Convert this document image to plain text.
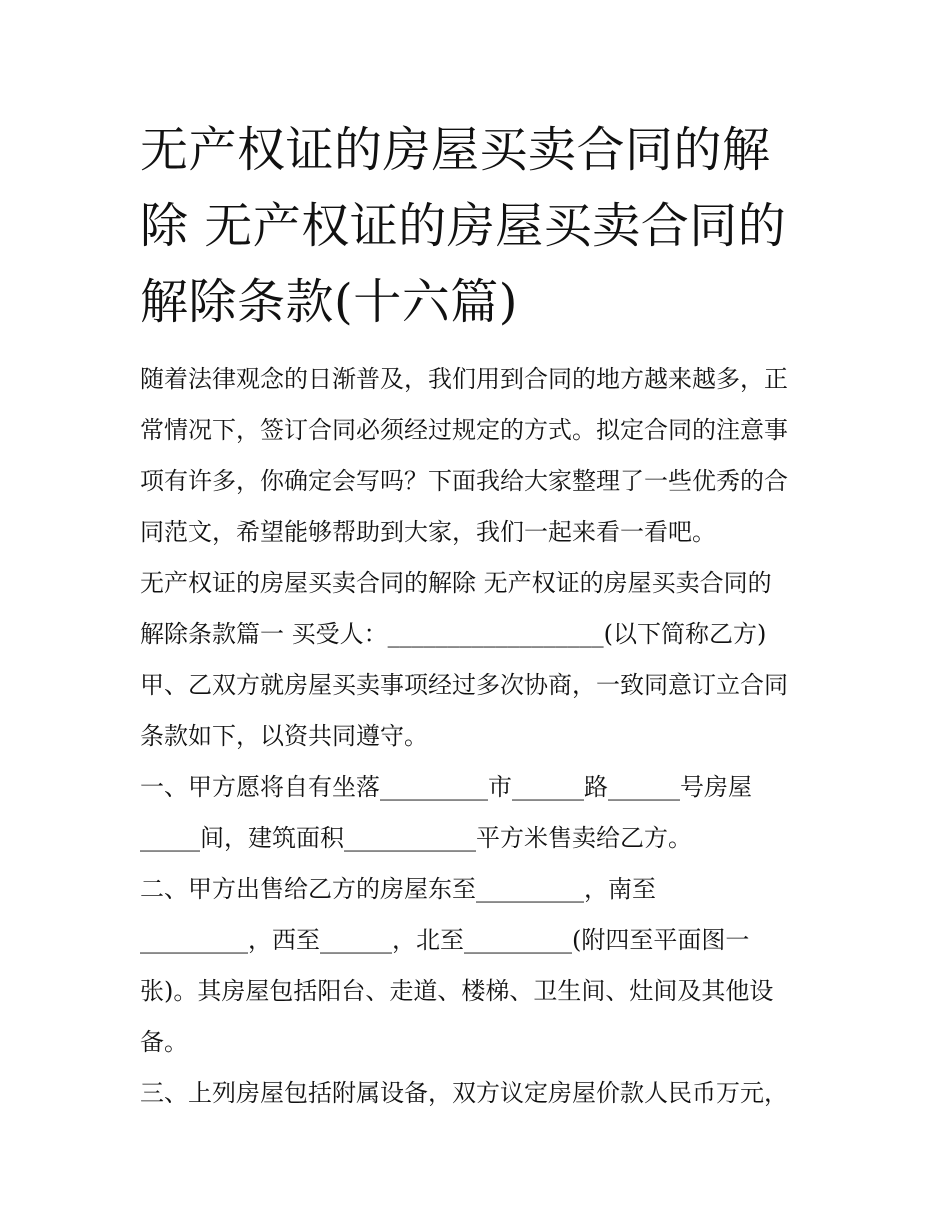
无产权证的房屋买卖合同的解
除 无产权证的房屋买卖合同的
解除条款(十六篇)

随着法律观念的日渐普及，我们用到合同的地方越来越多，正

常情况下，签订合同必须经过规定的方式。拟定合同的注意事

项有许多，你确定会写吗？下面我给大家整理了一些优秀的合

同范文，希望能够帮助到大家，我们一起来看一看吧。

无产权证的房屋买卖合同的解除 无产权证的房屋买卖合同的

解除条款篇一 买受人：__________________(以下简称乙方)

甲、乙双方就房屋买卖事项经过多次协商，一致同意订立合同

条款如下，以资共同遵守。

一、甲方愿将自有坐落_________市______路______号房屋

_____间，建筑面积___________平方米售卖给乙方。

二、甲方出售给乙方的房屋东至_________，南至

_________，西至______，北至_________(附四至平面图一

张)。其房屋包括阳台、走道、楼梯、卫生间、灶间及其他设

备。

三、上列房屋包括附属设备，双方议定房屋价款人民币万元，
